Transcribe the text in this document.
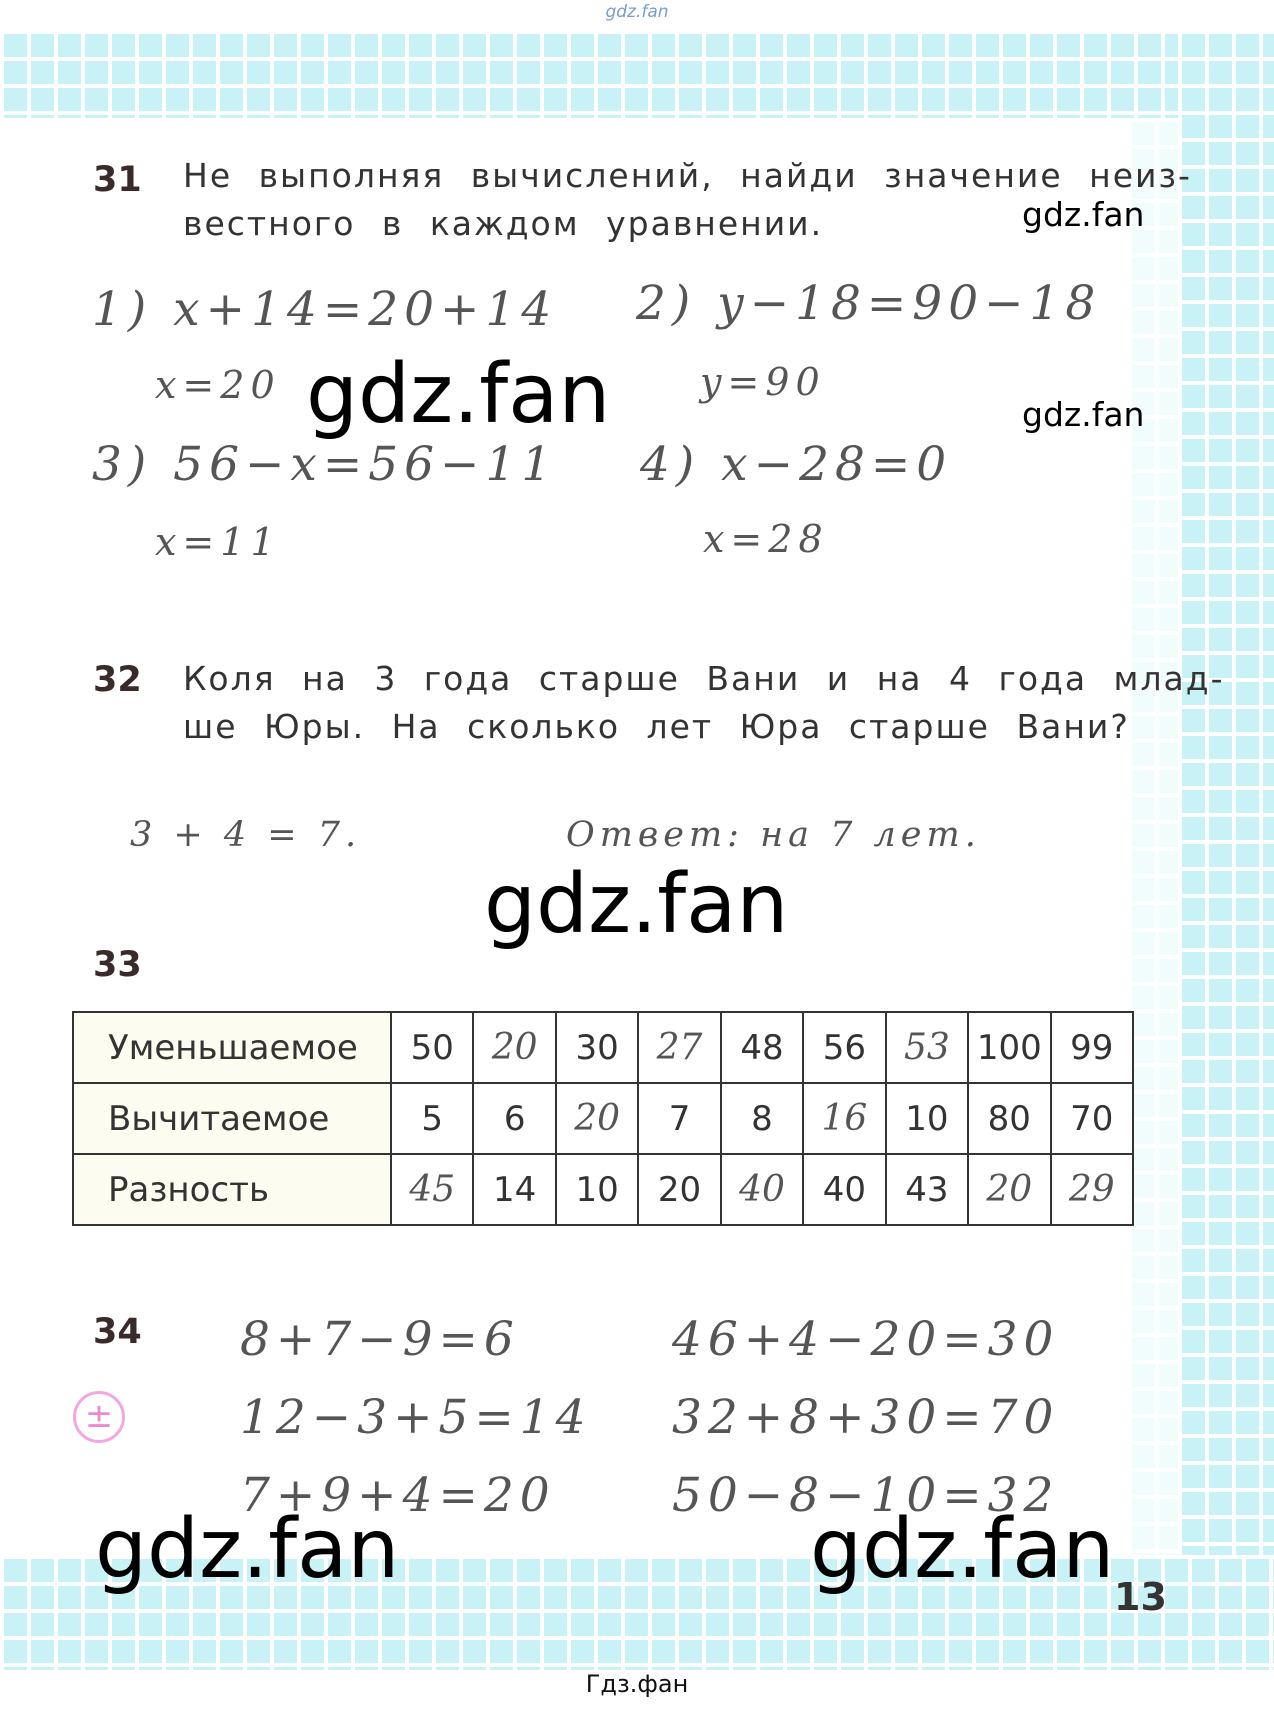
gdz.fan
31 Не выполняя вычислений, найди значение неиз-
вестного в каждом уравнении.	gdz.fan
1) x+14=20+14 2) y−18=90−18
x=20	y=90
gdz.fan	gdz.fan
3) 56−x=56−11 4) x−28=0
x=11	x=28
32 Коля на 3 года старше Вани и на 4 года млад-
ше Юры. На сколько лет Юра старше Вани?
3 + 4 = 7.	Ответ: на 7 лет.
gdz.fan
33
Уменьшаемое	50	20	30	27	48	56	53	100	99
Вычитаемое	5	6	20	7	8	16	10	80	70
Разность	45	14	10	20	40	40	43	20	29
34
±
8+7−9=6	46+4−20=30
12−3+5=14 32+8+30=70
7+9+4=20 50−8−10=32
gdz.fan	gdz.fan 13
Гдз.фан
